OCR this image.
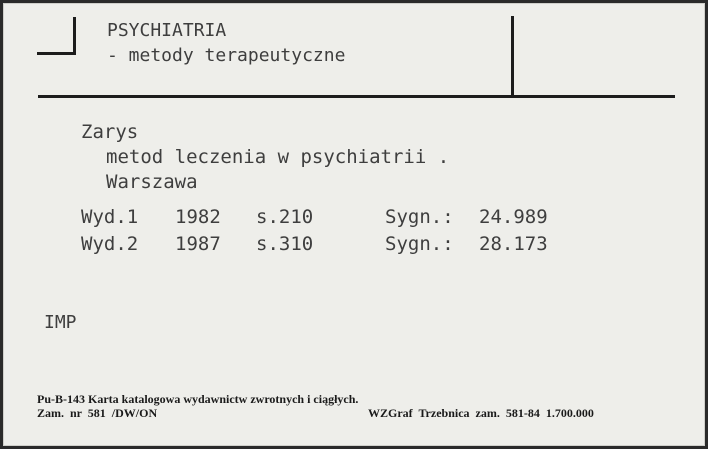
PSYCHIATRIA
- metody terapeutyczne
Zarys
metod leczenia w psychiatrii .
Warszawa
Wyd.1 1982 s.210	Sygn.: 24.989
Wyd.2 1987 s.310	Sygn.: 28.173
IMP
Pu-B-143 Karta katalogowa wydawnictw zwrotnych i ciągłych.
Zam.  nr  581  /DW/ON	WZGraf  Trzebnica  zam.  581-84  1.700.000
